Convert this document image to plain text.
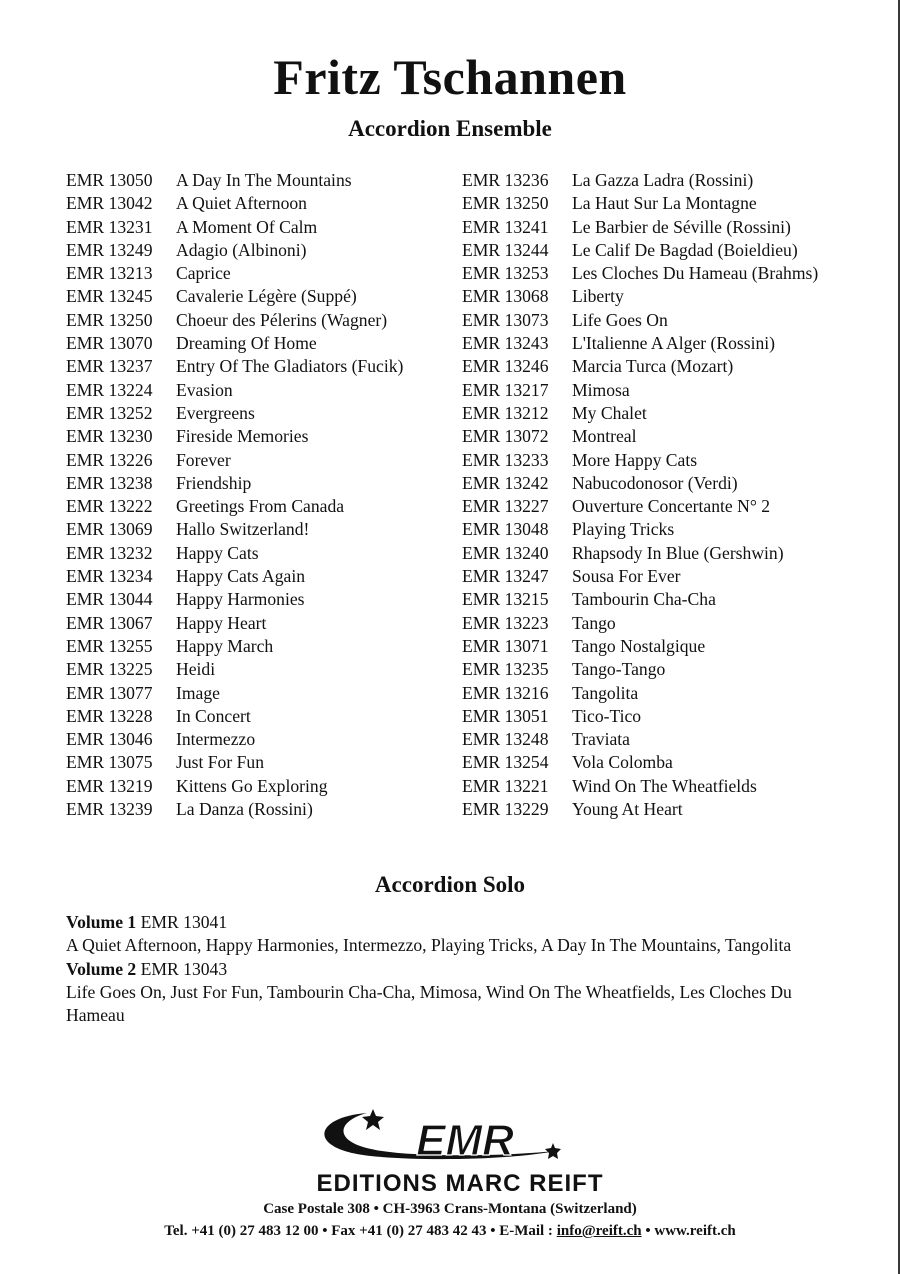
Fritz Tschannen
Accordion Ensemble
EMR 13050 A Day In The Mountains
EMR 13042 A Quiet Afternoon
EMR 13231 A Moment Of Calm
EMR 13249 Adagio (Albinoni)
EMR 13213 Caprice
EMR 13245 Cavalerie Légère (Suppé)
EMR 13250 Choeur des Pélerins (Wagner)
EMR 13070 Dreaming Of Home
EMR 13237 Entry Of The Gladiators (Fucik)
EMR 13224 Evasion
EMR 13252 Evergreens
EMR 13230 Fireside Memories
EMR 13226 Forever
EMR 13238 Friendship
EMR 13222 Greetings From Canada
EMR 13069 Hallo Switzerland!
EMR 13232 Happy Cats
EMR 13234 Happy Cats Again
EMR 13044 Happy Harmonies
EMR 13067 Happy Heart
EMR 13255 Happy March
EMR 13225 Heidi
EMR 13077 Image
EMR 13228 In Concert
EMR 13046 Intermezzo
EMR 13075 Just For Fun
EMR 13219 Kittens Go Exploring
EMR 13239 La Danza (Rossini)
EMR 13236 La Gazza Ladra (Rossini)
EMR 13250 La Haut Sur La Montagne
EMR 13241 Le Barbier de Séville (Rossini)
EMR 13244 Le Calif De Bagdad (Boieldieu)
EMR 13253 Les Cloches Du Hameau (Brahms)
EMR 13068 Liberty
EMR 13073 Life Goes On
EMR 13243 L'Italienne A Alger (Rossini)
EMR 13246 Marcia Turca (Mozart)
EMR 13217 Mimosa
EMR 13212 My Chalet
EMR 13072 Montreal
EMR 13233 More Happy Cats
EMR 13242 Nabucodonosor (Verdi)
EMR 13227 Ouverture Concertante N° 2
EMR 13048 Playing Tricks
EMR 13240 Rhapsody In Blue (Gershwin)
EMR 13247 Sousa For Ever
EMR 13215 Tambourin Cha-Cha
EMR 13223 Tango
EMR 13071 Tango Nostalgique
EMR 13235 Tango-Tango
EMR 13216 Tangolita
EMR 13051 Tico-Tico
EMR 13248 Traviata
EMR 13254 Vola Colomba
EMR 13221 Wind On The Wheatfields
EMR 13229 Young At Heart
Accordion Solo
Volume 1 EMR 13041
A Quiet Afternoon, Happy Harmonies, Intermezzo, Playing Tricks, A Day In The Mountains, Tangolita
Volume 2 EMR 13043
Life Goes On, Just For Fun, Tambourin Cha-Cha, Mimosa, Wind On The Wheatfields, Les Cloches Du Hameau
EMR
EDITIONS MARC REIFT
Case Postale 308 • CH-3963 Crans-Montana (Switzerland)
Tel. +41 (0) 27 483 12 00 • Fax +41 (0) 27 483 42 43 • E-Mail : info@reift.ch • www.reift.ch
